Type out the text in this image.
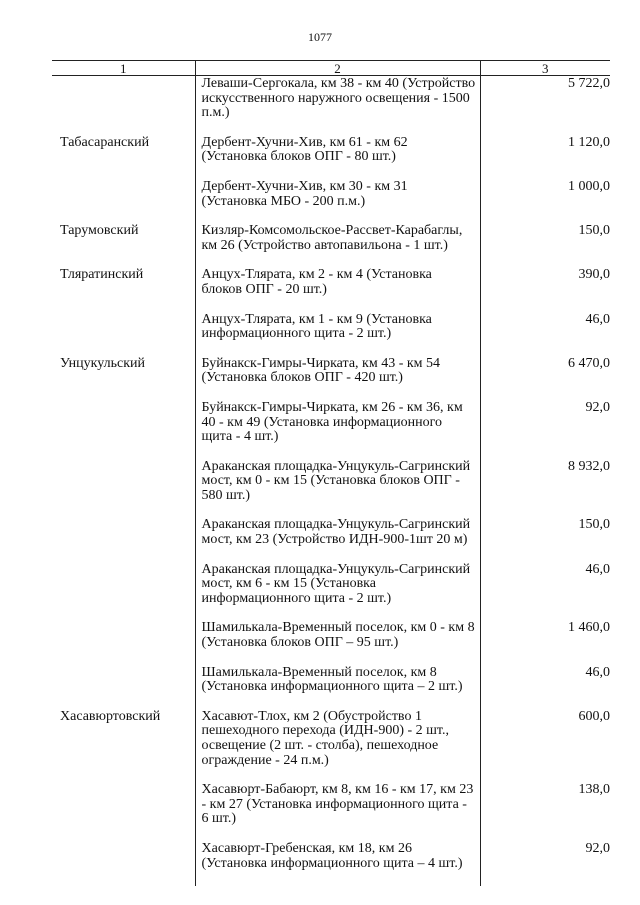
1077
1	2	3
	Леваши-Сергокала, км 38 - км 40 (Устройство искусственного наружного освещения - 1500 п.м.)	5 722,0
Табасаранский	Дербент-Хучни-Хив, км 61 - км 62 (Установка блоков ОПГ - 80 шт.)	1 120,0
	Дербент-Хучни-Хив, км 30 - км 31 (Установка МБО - 200 п.м.)	1 000,0
Тарумовский	Кизляр-Комсомольское-Рассвет-Карабаглы, км 26 (Устройство автопавильона - 1 шт.)	150,0
Тляратинский	Анцух-Тлярата, км 2 - км 4 (Установка блоков ОПГ - 20 шт.)	390,0
	Анцух-Тлярата, км 1 - км 9 (Установка информационного щита - 2 шт.)	46,0
Унцукульский	Буйнакск-Гимры-Чирката, км 43 - км 54 (Установка блоков ОПГ - 420 шт.)	6 470,0
	Буйнакск-Гимры-Чирката, км 26 - км 36, км 40 - км 49 (Установка информационного щита - 4 шт.)	92,0
	Араканская площадка-Унцукуль-Сагринский мост, км 0 - км 15 (Установка блоков ОПГ - 580 шт.)	8 932,0
	Араканская площадка-Унцукуль-Сагринский мост, км 23 (Устройство ИДН-900-1шт 20 м)	150,0
	Араканская площадка-Унцукуль-Сагринский мост, км 6 - км 15 (Установка информационного щита - 2 шт.)	46,0
	Шамилькала-Временный поселок, км 0 - км 8 (Установка блоков ОПГ – 95 шт.)	1 460,0
	Шамилькала-Временный поселок, км 8 (Установка информационного щита – 2 шт.)	46,0
Хасавюртовский	Хасавют-Тлох, км 2 (Обустройство 1 пешеходного перехода (ИДН-900) - 2 шт., освещение (2 шт. - столба), пешеходное ограждение - 24 п.м.)	600,0
	Хасавюрт-Бабаюрт, км 8, км 16 - км 17, км 23 - км 27 (Установка информационного щита - 6 шт.)	138,0
	Хасавюрт-Гребенская, км 18, км 26 (Установка информационного щита – 4 шт.)	92,0
